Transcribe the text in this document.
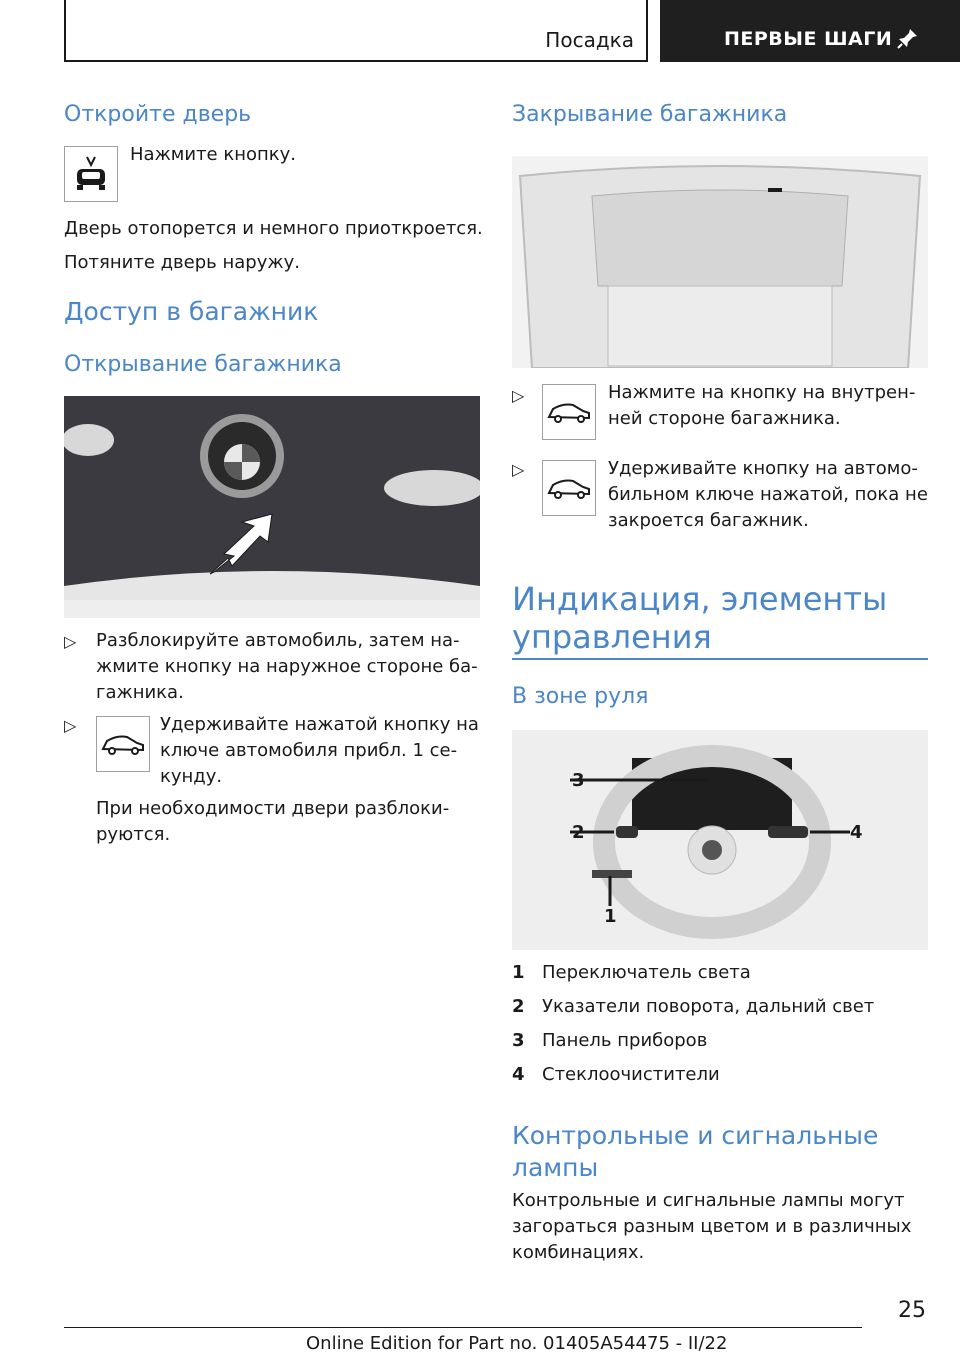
Посадка	ПЕРВЫЕ ШАГИ
Откройте дверь
Нажмите кнопку.
Дверь отопорется и немного приоткроется.
Потяните дверь наружу.
Доступ в багажник
Открывание багажника
▷ Разблокируйте автомобиль, затем на-
жмите кнопку на наружное стороне ба-
гажника.
▷	Удерживайте нажатой кнопку на
ключе автомобиля прибл. 1 се-
кунду.
При необходимости двери разблоки-
руются.
Закрывание багажника
▷	Нажмите на кнопку на внутрен-
ней стороне багажника.
▷	Удерживайте кнопку на автомо-
бильном ключе нажатой, пока не
закроется багажник.
Индикация, элементы
управления
В зоне руля
3
2	4
1
1 Переключатель света
2 Указатели поворота, дальний свет
3 Панель приборов
4 Стеклоочистители
Контрольные и сигнальные
лампы
Контрольные и сигнальные лампы могут
загораться разным цветом и в различных
комбинациях.
25
Online Edition for Part no. 01405A54475 - II/22
